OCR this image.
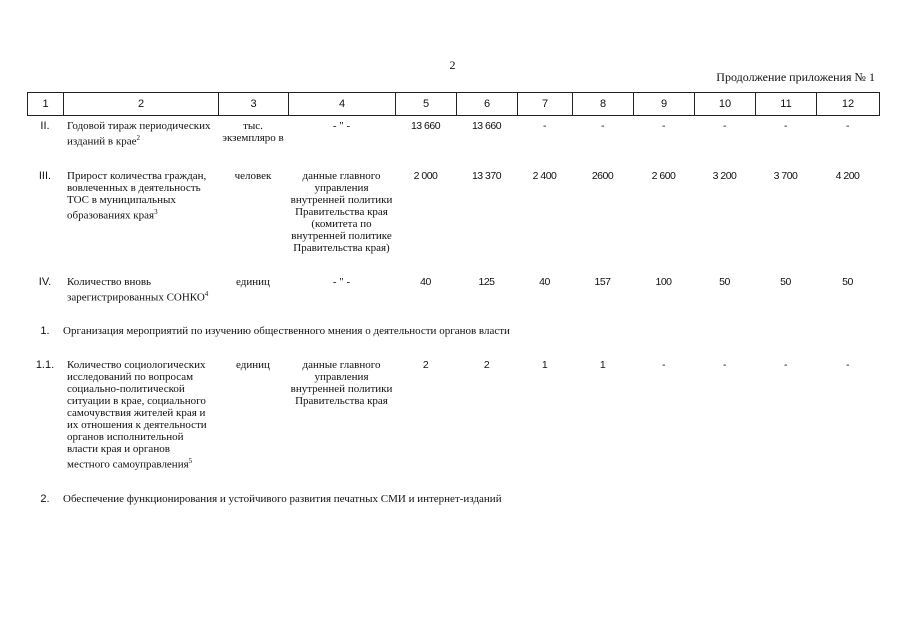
2
Продолжение приложения № 1
1	2	3	4	5	6	7	8	9	10	11	12
II.	Годовой тираж периодических изданий в крае$^2$	тыс. экземпляро в	- " -	13 660	13 660	-	-	-	-	-	-

III.	Прирост количества граждан, вовлеченных в деятельность ТОС в муниципальных образованиях края$^3$	человек	данные главного управления внутренней политики Правительства края (комитета по внутренней политике Правительства края)	2 000	13 370	2 400	2600	2 600	3 200	3 700	4 200

IV.	Количество вновь зарегистрированных СОНКО$^4$	единиц	- " -	40	125	40	157	100	50	50	50

1.	Организация мероприятий по изучению общественного мнения о деятельности органов власти										

1.1.	Количество социологических исследований по вопросам социально-политической ситуации в крае, социального самочувствия жителей края и их отношения к деятельности органов исполнительной власти края и органов местного самоуправления$^5$	единиц	данные главного управления внутренней политики Правительства края	2	2	1	1	-	-	-	-

2.	Обеспечение функционирования и устойчивого развития печатных СМИ и интернет-изданий										
